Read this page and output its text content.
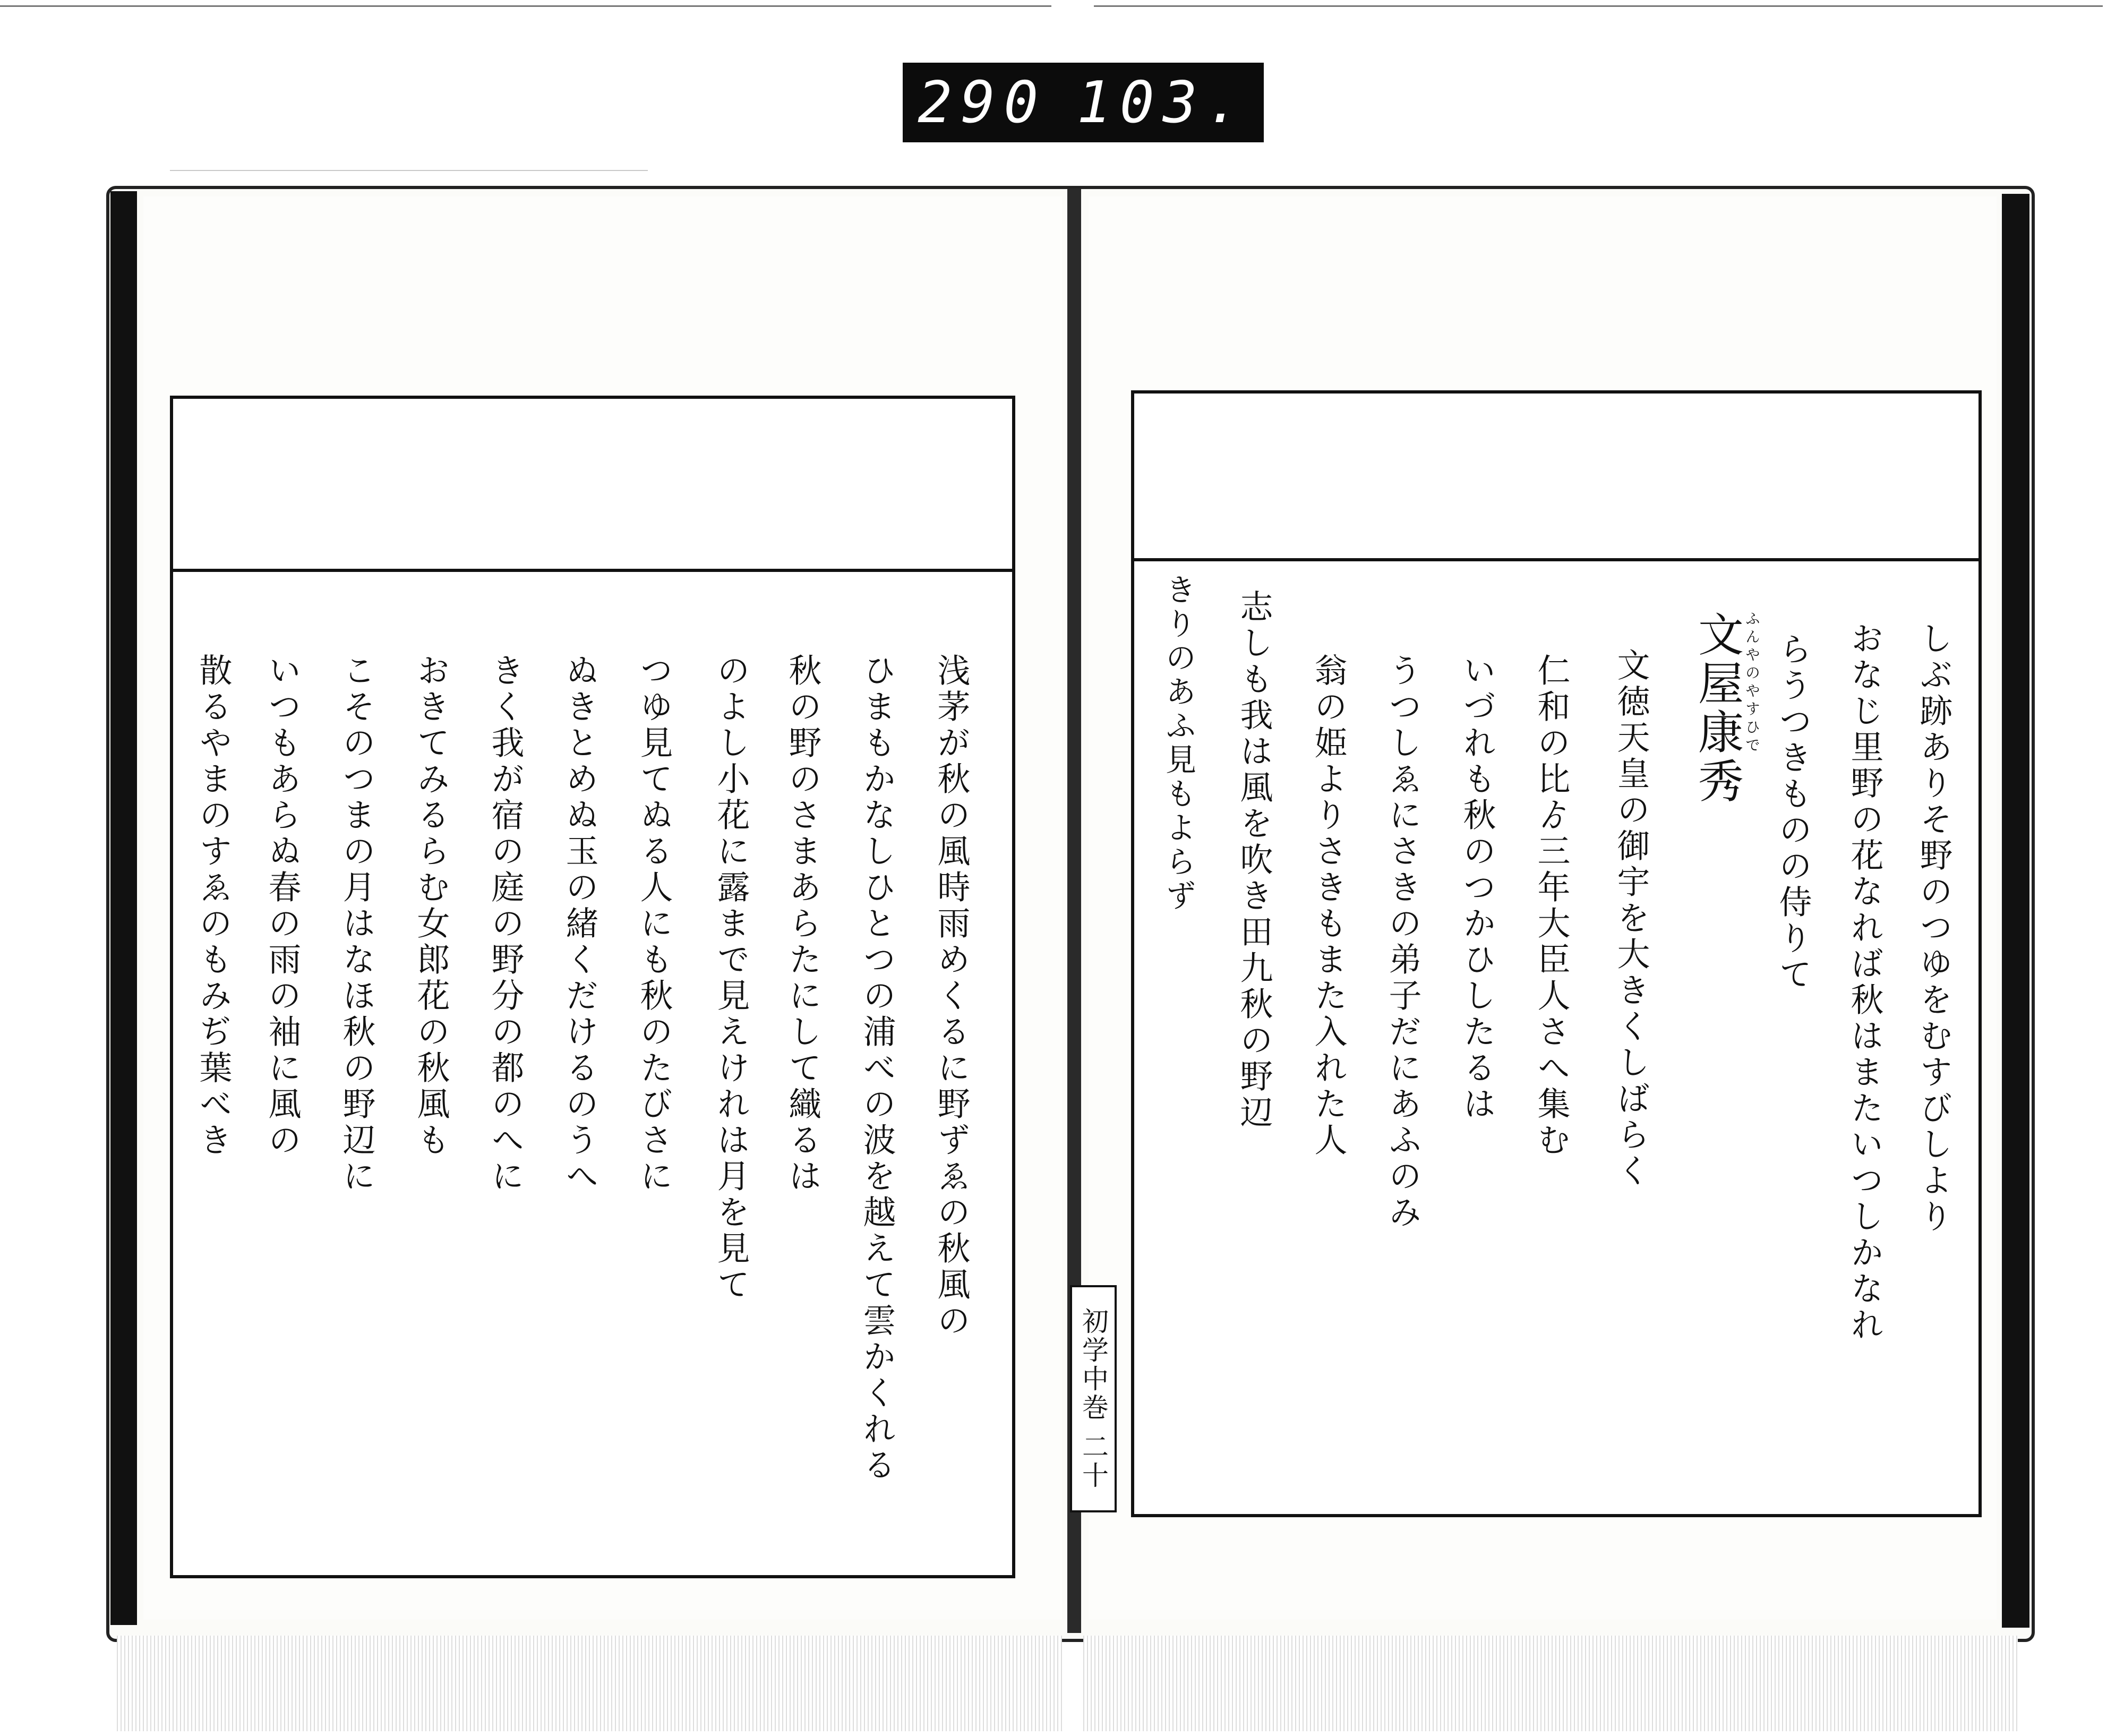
290 103.
しぶ跡ありそ野のつゆをむすびしより
おなじ里野の花なれば秋はまたいつしかなれ
らうつきものの侍りて
文屋康秀 ふんやのやすひで
文徳天皇の御宇を大きくしばらく
仁和の比ゟ三年大臣人さへ集む
いづれも秋のつかひしたるは
うつしゑにさきの弟子だにあふのみ
翁の姫よりさきもまた入れた人
志しも我は風を吹き田九秋の野辺
きりのあふ見もよらず
浅茅が秋の風時雨めくるに野ずゑの秋風の
ひまもかなしひとつの浦べの波を越えて雲かくれる
秋の野のさまあらたにして織るは
のよし小花に露まで見えけれは月を見て
つゆ見てぬる人にも秋のたびさに
ぬきとめぬ玉の緒くだけるのうへ
きく我が宿の庭の野分の都のへに
おきてみるらむ女郎花の秋風も
こそのつまの月はなほ秋の野辺に
いつもあらぬ春の雨の袖に風の
散るやまのすゑのもみぢ葉べき
初学中巻 二十
